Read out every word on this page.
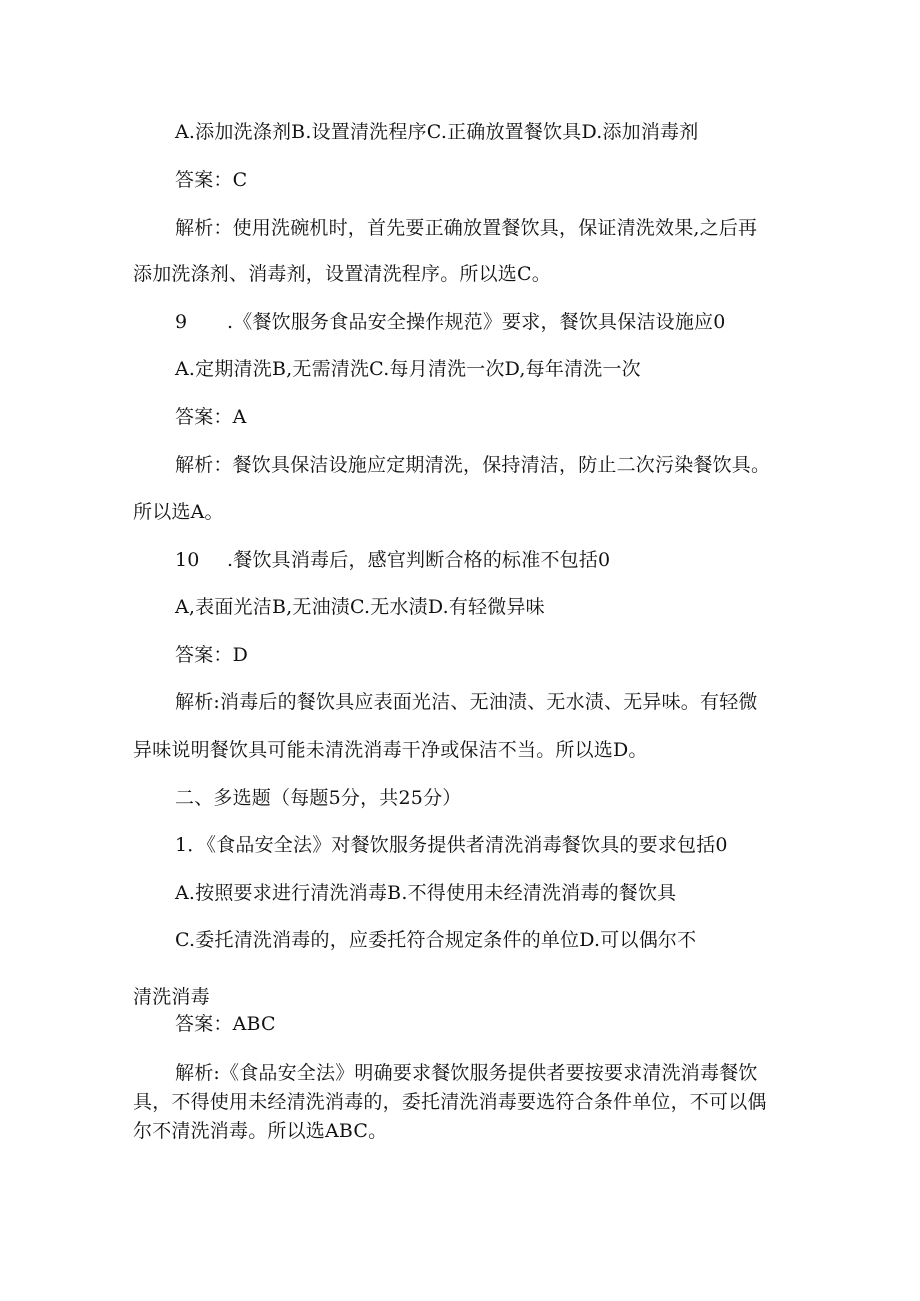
A.添加洗涤剂B.设置清洗程序C.正确放置餐饮具D.添加消毒剂
答案：C
解析：使用洗碗机时，首先要正确放置餐饮具，保证清洗效果,之后再
添加洗涤剂、消毒剂，设置清洗程序。所以选C。
9 .《餐饮服务食品安全操作规范》要求，餐饮具保洁设施应0
A.定期清洗B,无需清洗C.每月清洗一次D,每年清洗一次
答案：A
解析：餐饮具保洁设施应定期清洗，保持清洁，防止二次污染餐饮具。
所以选A。
10 .餐饮具消毒后，感官判断合格的标准不包括0
A,表面光洁B,无油渍C.无水渍D.有轻微异味
答案：D
解析:消毒后的餐饮具应表面光洁、无油渍、无水渍、无异味。有轻微
异味说明餐饮具可能未清洗消毒干净或保洁不当。所以选D。
二、多选题（每题5分，共25分）
1．《食品安全法》对餐饮服务提供者清洗消毒餐饮具的要求包括0
A.按照要求进行清洗消毒B.不得使用未经清洗消毒的餐饮具
C.委托清洗消毒的，应委托符合规定条件的单位D.可以偶尔不
清洗消毒
答案：ABC
解析:《食品安全法》明确要求餐饮服务提供者要按要求清洗消毒餐饮
具，不得使用未经清洗消毒的，委托清洗消毒要选符合条件单位，不可以偶
尔不清洗消毒。所以选ABC。
